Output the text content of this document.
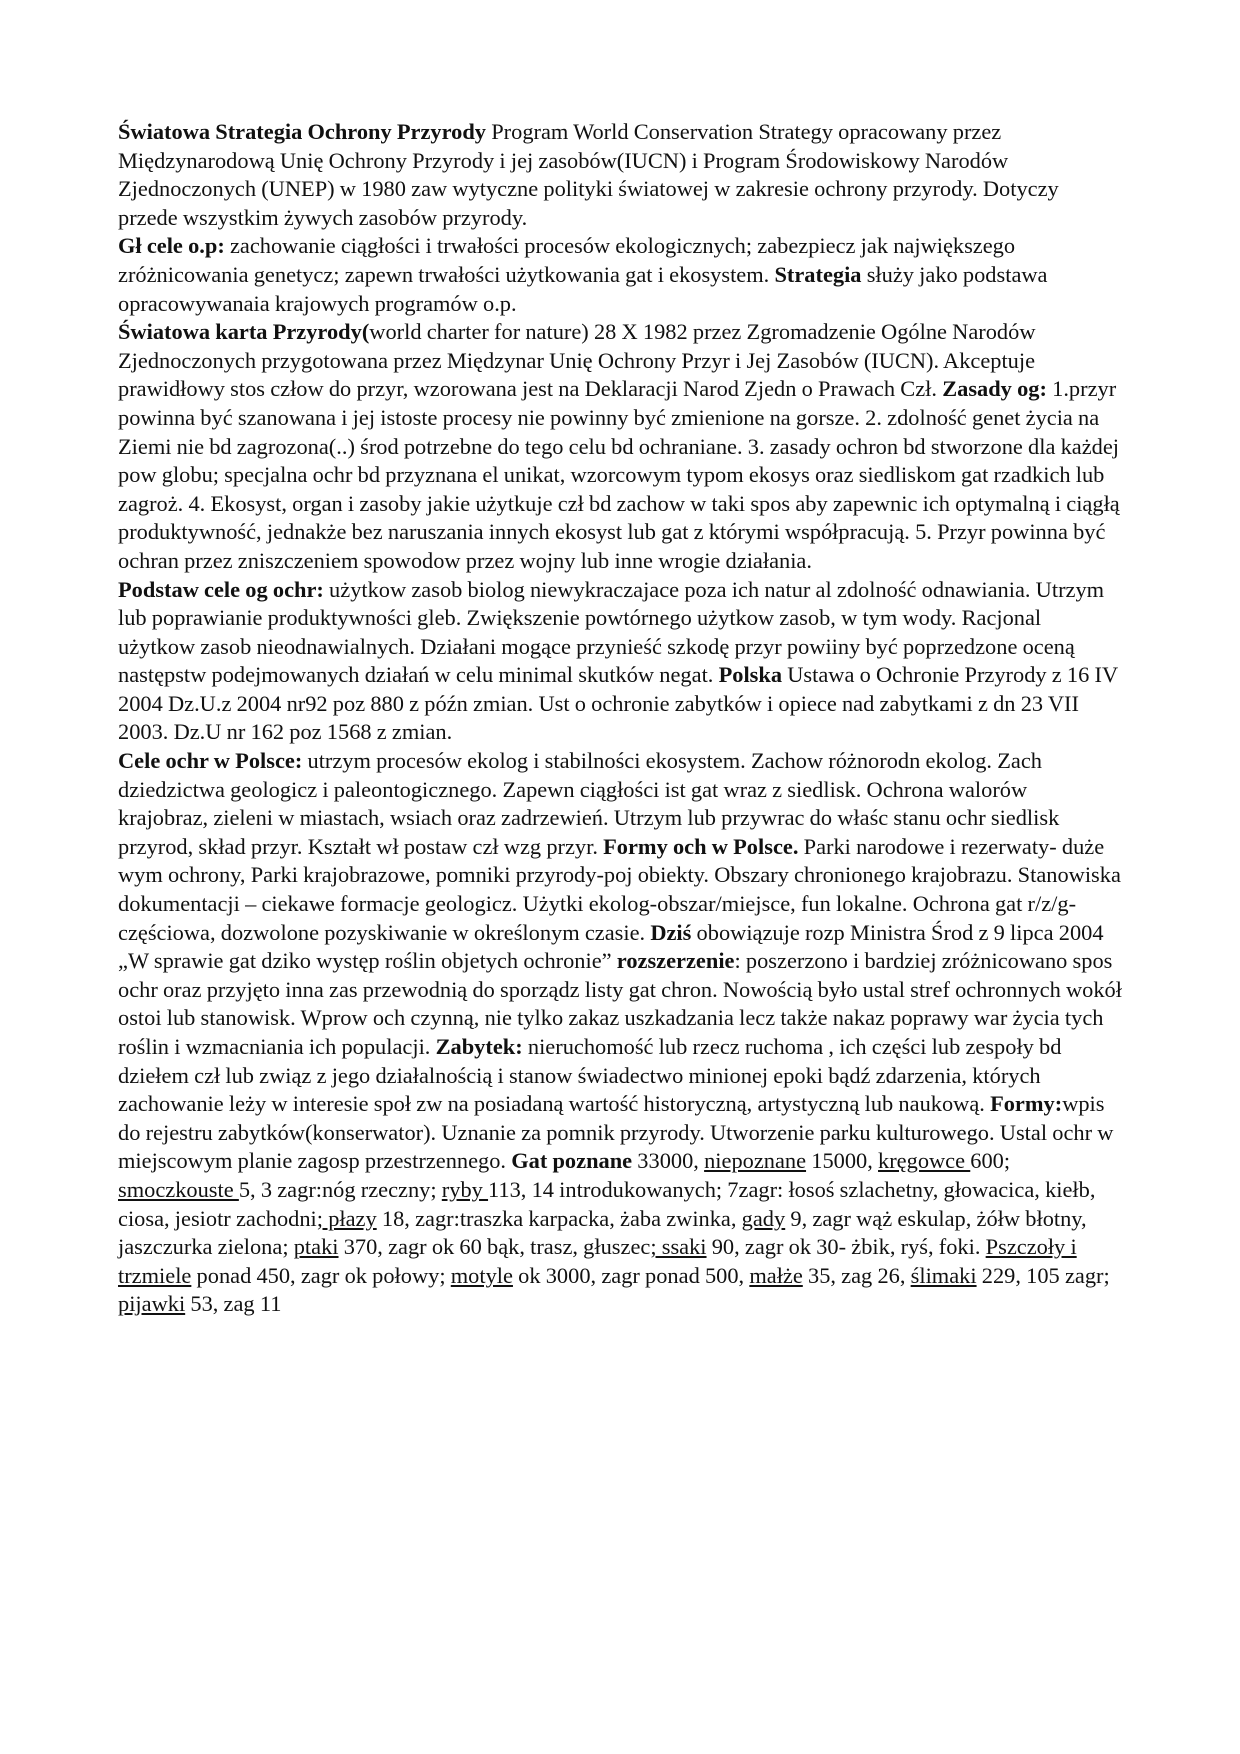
Światowa Strategia Ochrony Przyrody Program World Conservation Strategy opracowany przez Międzynarodową Unię Ochrony Przyrody i jej zasobów(IUCN) i Program Środowiskowy Narodów Zjednoczonych (UNEP) w 1980 zaw wytyczne polityki światowej w zakresie ochrony przyrody. Dotyczy przede wszystkim żywych zasobów przyrody.

Gł cele o.p: zachowanie ciągłości i trwałości procesów ekologicznych; zabezpiecz jak największego zróżnicowania genetycz; zapewn trwałości użytkowania gat i ekosystem. Strategia służy jako podstawa opracowywanaia krajowych programów o.p.

Światowa karta Przyrody(world charter for nature) 28 X 1982 przez Zgromadzenie Ogólne Narodów Zjednoczonych przygotowana przez Międzynar Unię Ochrony Przyr i Jej Zasobów (IUCN). Akceptuje prawidłowy stos człow do przyr, wzorowana jest na Deklaracji Narod Zjedn o Prawach Czł. Zasady og: 1.przyr powinna być szanowana i jej istoste procesy nie powinny być zmienione na gorsze. 2. zdolność genet życia na Ziemi nie bd zagrozona(..) środ potrzebne do tego celu bd ochraniane. 3. zasady ochron bd stworzone dla każdej pow globu; specjalna ochr bd przyznana el unikat, wzorcowym typom ekosys oraz siedliskom gat rzadkich lub zagroż. 4. Ekosyst, organ i zasoby jakie użytkuje czł bd zachow w taki spos aby zapewnic ich optymalną i ciągłą produktywność, jednakże bez naruszania innych ekosyst lub gat z którymi współpracują. 5. Przyr powinna być ochran przez zniszczeniem spowodow przez wojny lub inne wrogie działania.

Podstaw cele og ochr: użytkow zasob biolog niewykraczajace poza ich natur al zdolność odnawiania. Utrzym lub poprawianie produktywności gleb. Zwiększenie powtórnego użytkow zasob, w tym wody. Racjonal użytkow zasob nieodnawialnych. Działani mogące przynieść szkodę przyr powiiny być poprzedzone oceną następstw podejmowanych działań w celu minimal skutków negat. Polska Ustawa o Ochronie Przyrody z 16 IV 2004 Dz.U.z 2004 nr92 poz 880 z późn zmian. Ust o ochronie zabytków i opiece nad zabytkami z dn 23 VII 2003. Dz.U nr 162 poz 1568 z zmian.

Cele ochr w Polsce: utrzym procesów ekolog i stabilności ekosystem. Zachow różnorodn ekolog. Zach dziedzictwa geologicz i paleontogicznego. Zapewn ciągłości ist gat wraz z siedlisk. Ochrona walorów krajobraz, zieleni w miastach, wsiach oraz zadrzewień. Utrzym lub przywrac do właśc stanu ochr siedlisk przyrod, skład przyr. Kształt wł postaw czł wzg przyr. Formy och w Polsce. Parki narodowe i rezerwaty- duże wym ochrony, Parki krajobrazowe, pomniki przyrody-poj obiekty. Obszary chronionego krajobrazu. Stanowiska dokumentacji – ciekawe formacje geologicz. Użytki ekolog-obszar/miejsce, fun lokalne. Ochrona gat r/z/g-częściowa, dozwolone pozyskiwanie w określonym czasie. Dziś obowiązuje rozp Ministra Środ z 9 lipca 2004 „W sprawie gat dziko występ roślin objetych ochronie” rozszerzenie: poszerzono i bardziej zróżnicowano spos ochr oraz przyjęto inna zas przewodnią do sporządz listy gat chron. Nowością było ustal stref ochronnych wokół ostoi lub stanowisk. Wprow och czynną, nie tylko zakaz uszkadzania lecz także nakaz poprawy war życia tych roślin i wzmacniania ich populacji. Zabytek: nieruchomość lub rzecz ruchoma , ich części lub zespoły bd dziełem czł lub związ z jego działalnością i stanow świadectwo minionej epoki bądź zdarzenia, których zachowanie leży w interesie społ zw na posiadaną wartość historyczną, artystyczną lub naukową. Formy:wpis do rejestru zabytków(konserwator). Uznanie za pomnik przyrody. Utworzenie parku kulturowego. Ustal ochr w miejscowym planie zagosp przestrzennego. Gat poznane 33000, niepoznane 15000, kręgowce 600; smoczkouste 5, 3 zagr:nóg rzeczny; ryby 113, 14 introdukowanych; 7zagr: łosoś szlachetny, głowacica, kiełb, ciosa, jesiotr zachodni; płazy 18, zagr:traszka karpacka, żaba zwinka, gady 9, zagr wąż eskulap, żółw błotny, jaszczurka zielona; ptaki 370, zagr ok 60 bąk, trasz, głuszec; ssaki 90, zagr ok 30- żbik, ryś, foki. Pszczoły i trzmiele ponad 450, zagr ok połowy; motyle ok 3000, zagr ponad 500, małże 35, zag 26, ślimaki 229, 105 zagr; pijawki 53, zag 11
